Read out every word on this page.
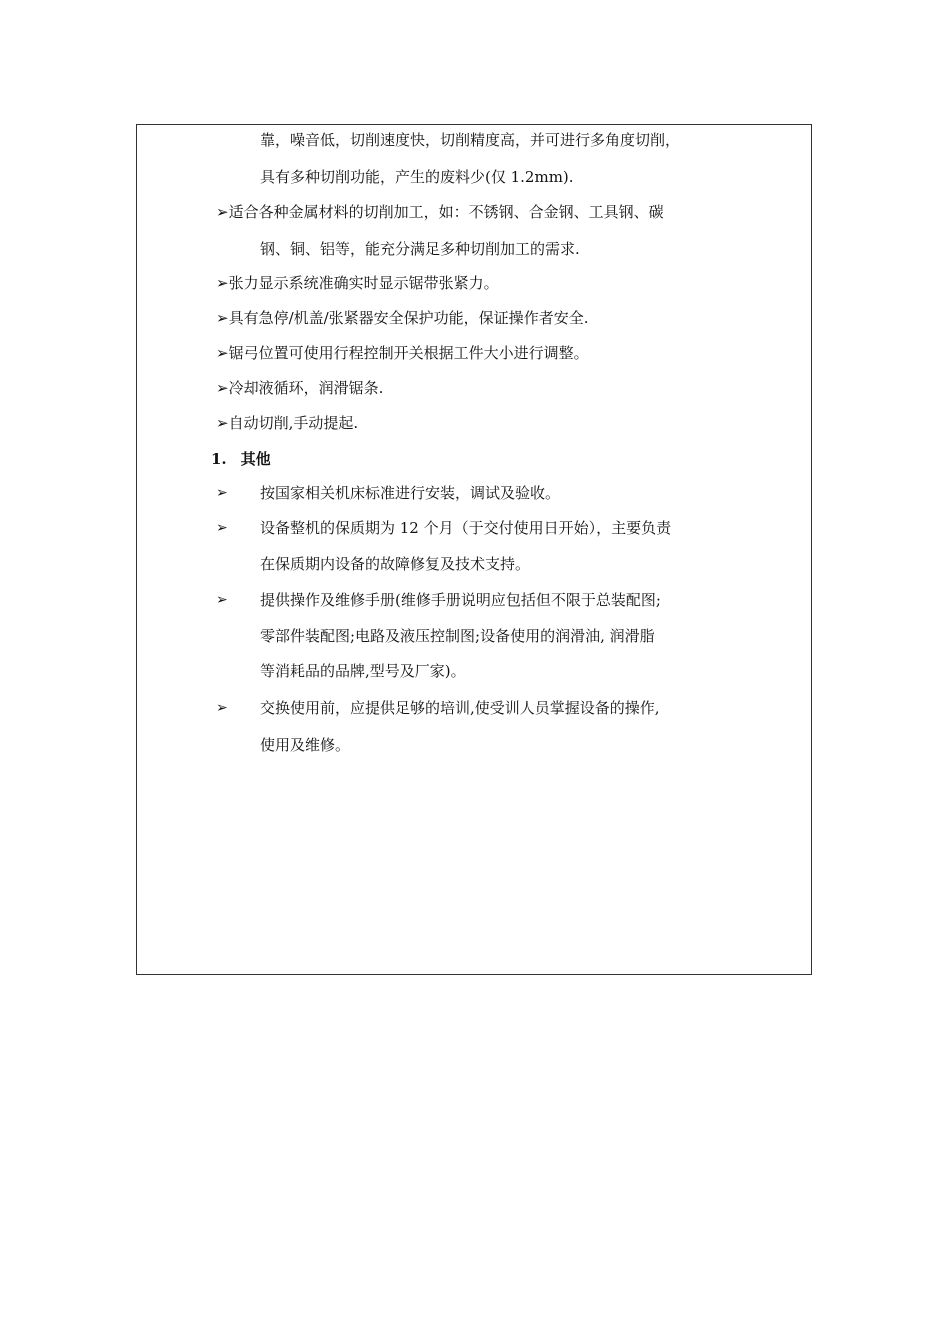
靠，噪音低，切削速度快，切削精度高，并可进行多角度切削，
具有多种切削功能，产生的废料少(仅 1.2mm).
➢适合各种金属材料的切削加工，如：不锈钢、合金钢、工具钢、碳
钢、铜、铝等，能充分满足多种切削加工的需求.
➢张力显示系统准确实时显示锯带张紧力。
➢具有急停/机盖/张紧器安全保护功能，保证操作者安全.
➢锯弓位置可使用行程控制开关根据工件大小进行调整。
➢冷却液循环，润滑锯条.
➢自动切削,手动提起.
1. 其他
➢ 按国家相关机床标准进行安装，调试及验收。
➢ 设备整机的保质期为 12 个月（于交付使用日开始），主要负责
在保质期内设备的故障修复及技术支持。
➢ 提供操作及维修手册(维修手册说明应包括但不限于总装配图;
零部件装配图;电路及液压控制图;设备使用的润滑油, 润滑脂
等消耗品的品牌,型号及厂家)。
➢ 交换使用前，应提供足够的培训,使受训人员掌握设备的操作,
使用及维修。
